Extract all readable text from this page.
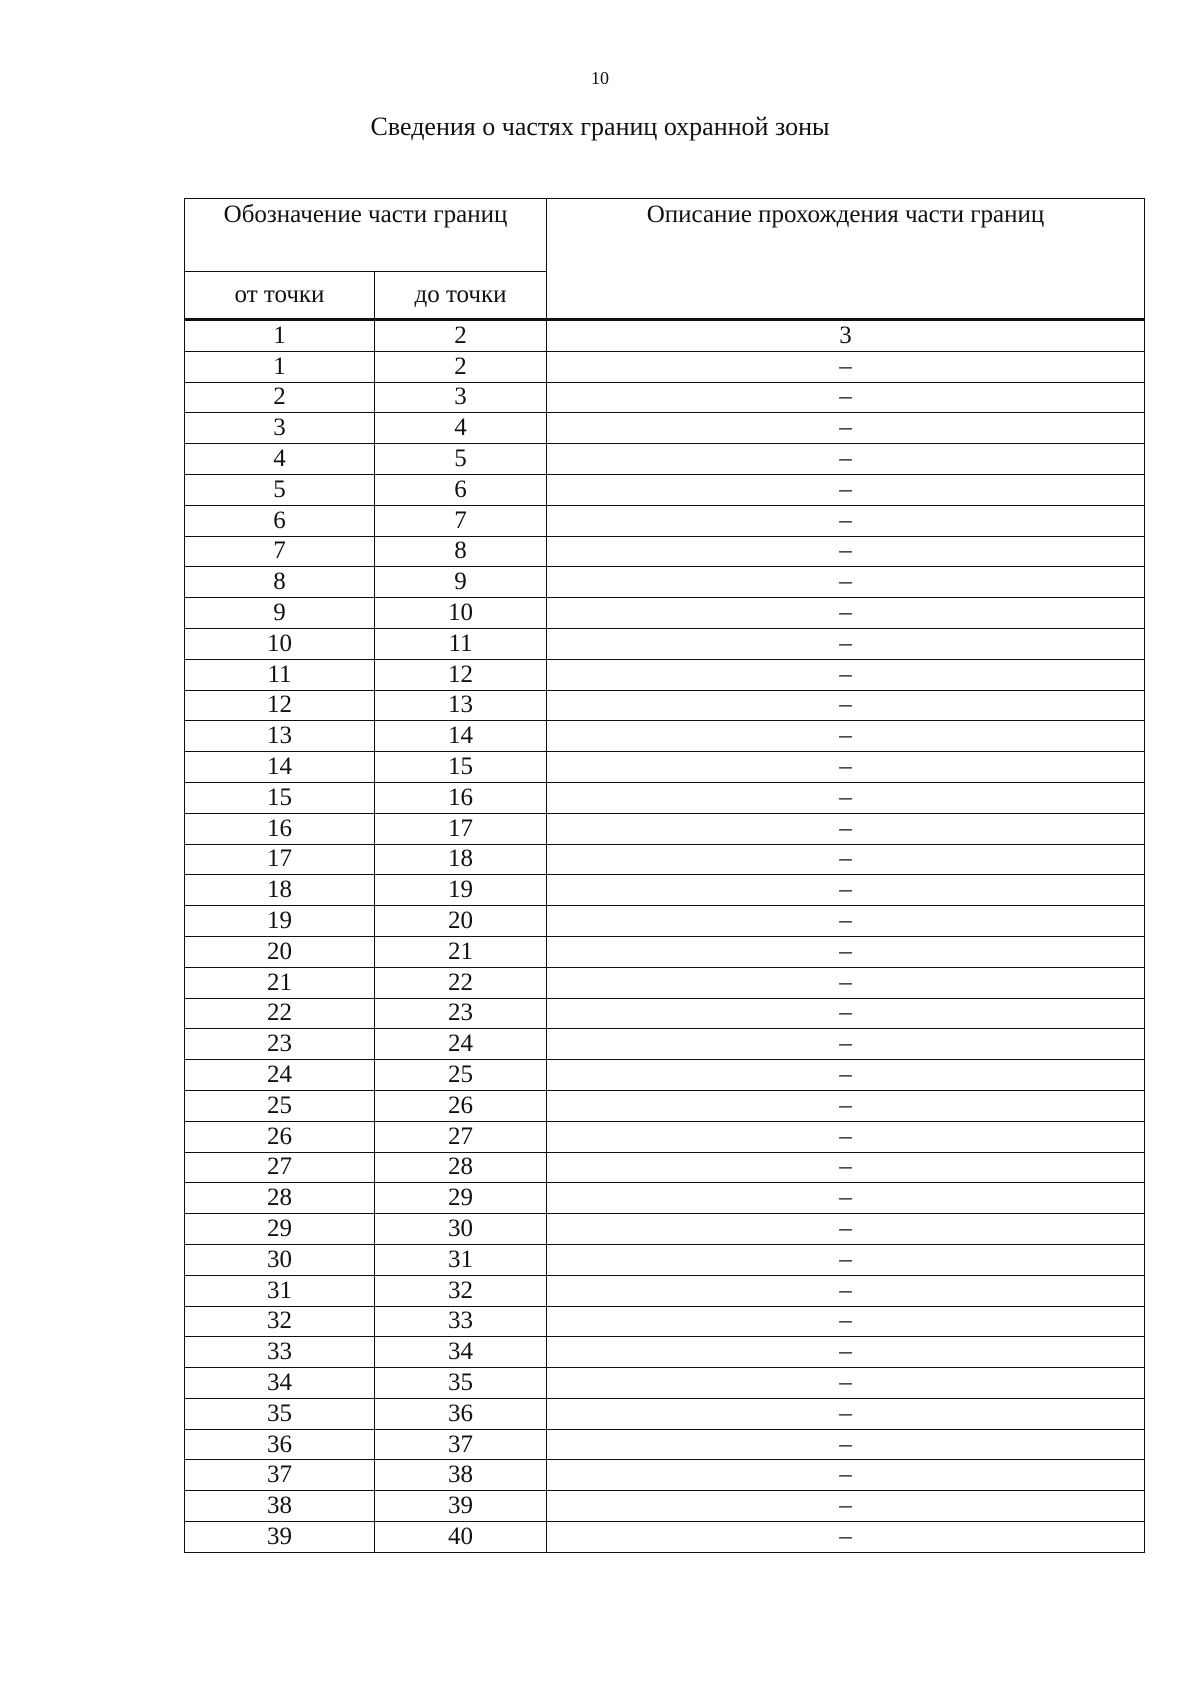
10
Сведения о частях границ охранной зоны
Обозначение части границ		Описание прохождения части границ
от точки	до точки	
1	2	3
1	2	–
2	3	–
3	4	–
4	5	–
5	6	–
6	7	–
7	8	–
8	9	–
9	10	–
10	11	–
11	12	–
12	13	–
13	14	–
14	15	–
15	16	–
16	17	–
17	18	–
18	19	–
19	20	–
20	21	–
21	22	–
22	23	–
23	24	–
24	25	–
25	26	–
26	27	–
27	28	–
28	29	–
29	30	–
30	31	–
31	32	–
32	33	–
33	34	–
34	35	–
35	36	–
36	37	–
37	38	–
38	39	–
39	40	–
